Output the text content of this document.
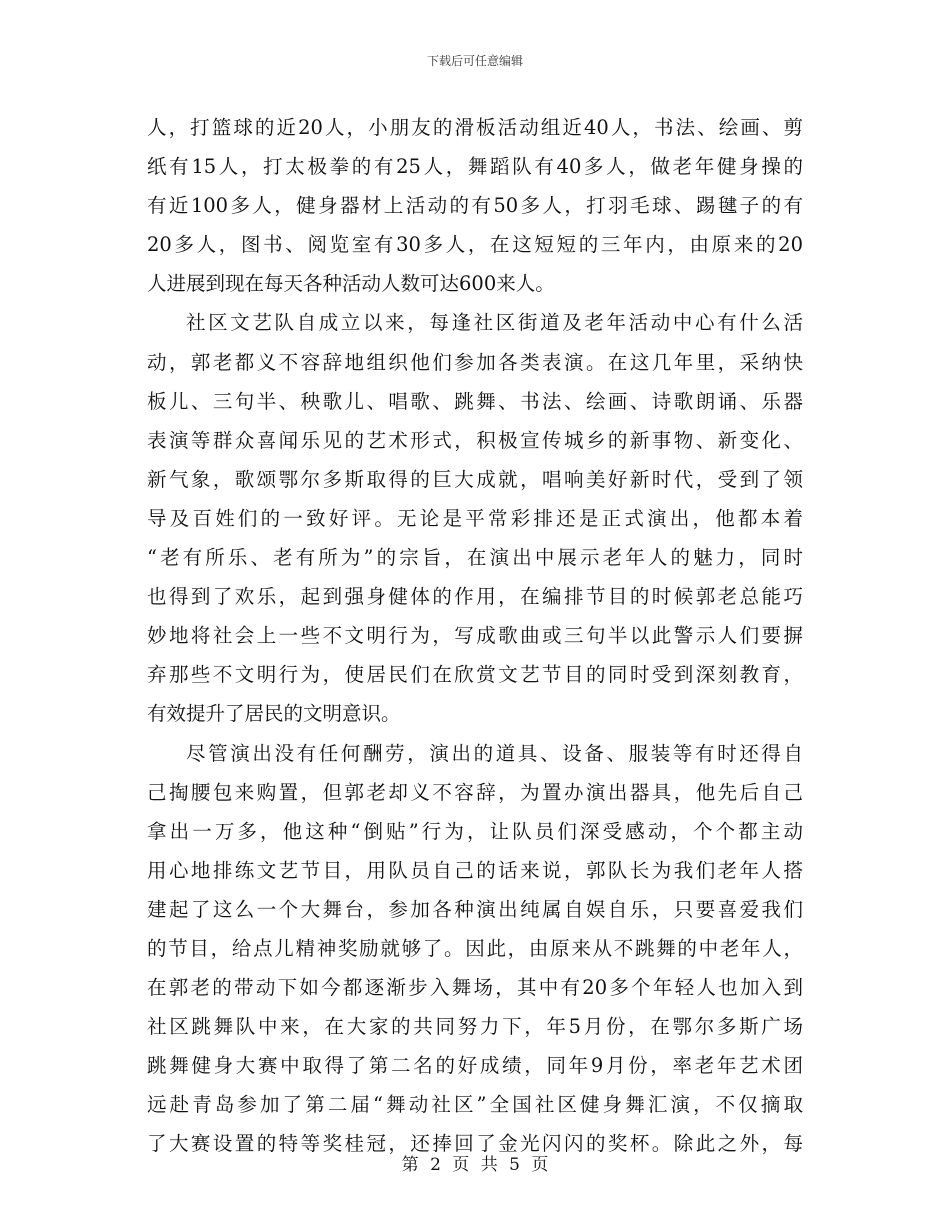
下载后可任意编辑
人，打篮球的近20人，小朋友的滑板活动组近40人，书法、绘画、剪
纸有15人，打太极拳的有25人，舞蹈队有40多人，做老年健身操的
有近100多人，健身器材上活动的有50多人，打羽毛球、踢毽子的有
20多人，图书、阅览室有30多人，在这短短的三年内，由原来的20
人进展到现在每天各种活动人数可达600来人。
社区文艺队自成立以来，每逢社区街道及老年活动中心有什么活
动，郭老都义不容辞地组织他们参加各类表演。在这几年里，采纳快
板儿、三句半、秧歌儿、唱歌、跳舞、书法、绘画、诗歌朗诵、乐器
表演等群众喜闻乐见的艺术形式，积极宣传城乡的新事物、新变化、
新气象，歌颂鄂尔多斯取得的巨大成就，唱响美好新时代，受到了领
导及百姓们的一致好评。无论是平常彩排还是正式演出，他都本着
“老有所乐、老有所为”的宗旨，在演出中展示老年人的魅力，同时
也得到了欢乐，起到强身健体的作用，在编排节目的时候郭老总能巧
妙地将社会上一些不文明行为，写成歌曲或三句半以此警示人们要摒
弃那些不文明行为，使居民们在欣赏文艺节目的同时受到深刻教育，
有效提升了居民的文明意识。
尽管演出没有任何酬劳，演出的道具、设备、服装等有时还得自
己掏腰包来购置，但郭老却义不容辞，为置办演出器具，他先后自己
拿出一万多，他这种“倒贴”行为，让队员们深受感动，个个都主动
用心地排练文艺节目，用队员自己的话来说，郭队长为我们老年人搭
建起了这么一个大舞台，参加各种演出纯属自娱自乐，只要喜爱我们
的节目，给点儿精神奖励就够了。因此，由原来从不跳舞的中老年人，
在郭老的带动下如今都逐渐步入舞场，其中有20多个年轻人也加入到
社区跳舞队中来，在大家的共同努力下，年5月份，在鄂尔多斯广场
跳舞健身大赛中取得了第二名的好成绩，同年9月份，率老年艺术团
远赴青岛参加了第二届“舞动社区”全国社区健身舞汇演，不仅摘取
了大赛设置的特等奖桂冠，还捧回了金光闪闪的奖杯。除此之外，每
第 2 页 共 5 页
